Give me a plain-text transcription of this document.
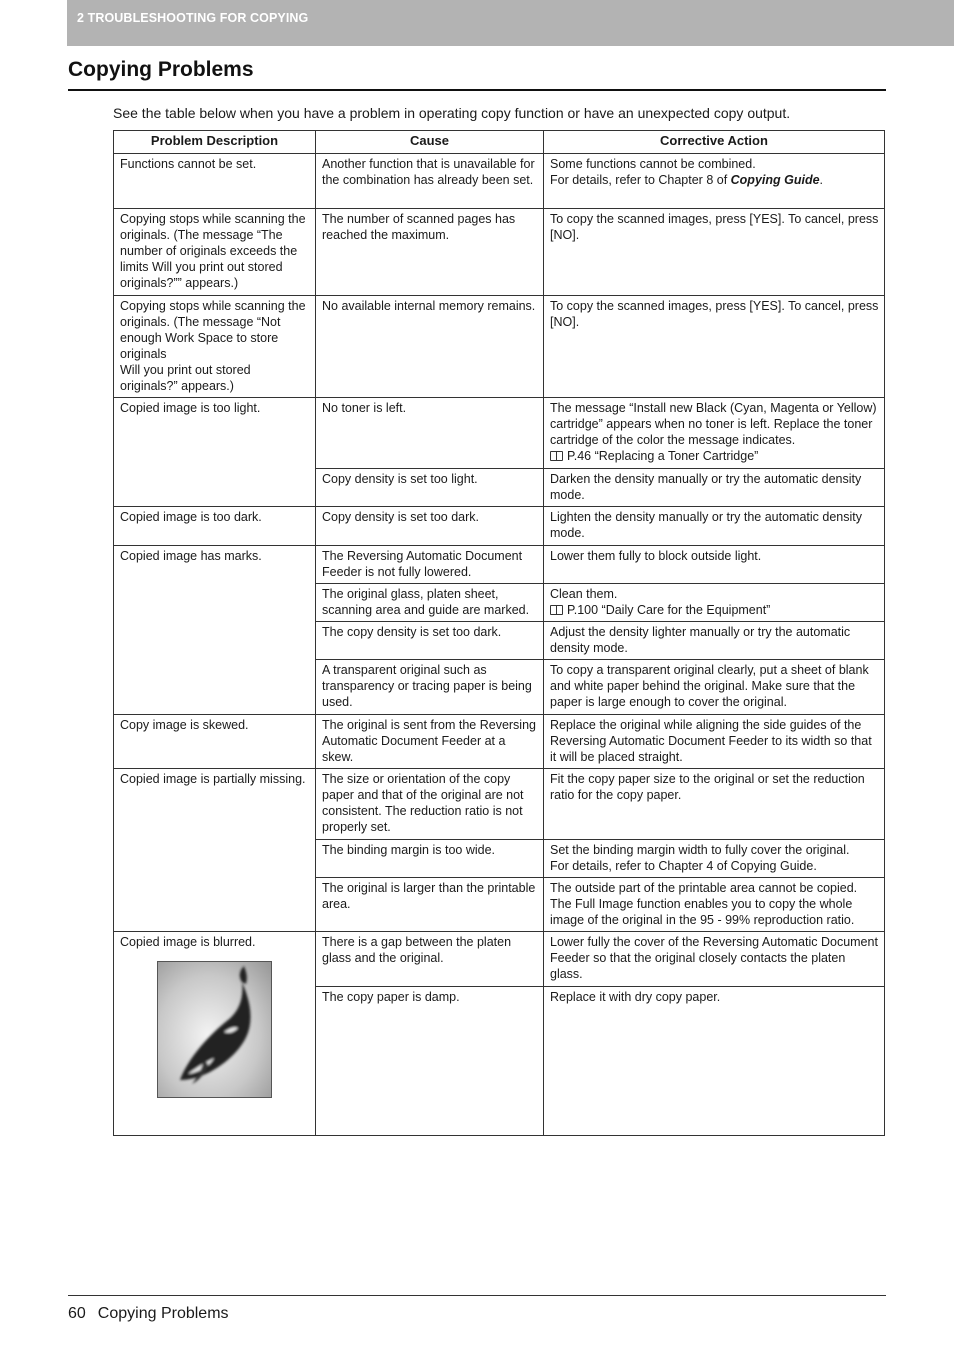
2 TROUBLESHOOTING FOR COPYING
Copying Problems
See the table below when you have a problem in operating copy function or have an unexpected copy output.
Problem Description	Cause	Corrective Action
Functions cannot be set.	Another function that is unavailable for the combination has already been set.	Some functions cannot be combined.
For details, refer to Chapter 8 of Copying Guide.

Copying stops while scanning the originals. (The message “The number of originals exceeds the limits Will you print out stored originals?”” appears.)	The number of scanned pages has reached the maximum.	To copy the scanned images, press [YES]. To cancel, press [NO].

Copying stops while scanning the originals. (The message “Not enough Work Space to store originals
Will you print out stored originals?” appears.)	No available internal memory remains.	To copy the scanned images, press [YES]. To cancel, press [NO].
Copied image is too light.	No toner is left.	The message “Install new Black (Cyan, Magenta or Yellow) cartridge” appears when no toner is left. Replace the toner cartridge of the color the message indicates.
P.46 “Replacing a Toner Cartridge”

	Copy density is set too light.	Darken the density manually or try the automatic density mode.
Copied image is too dark.	Copy density is set too dark.	Lighten the density manually or try the automatic density mode.
Copied image has marks.	The Reversing Automatic Document Feeder is not fully lowered.	Lower them fully to block outside light.
	The original glass, platen sheet, scanning area and guide are marked.	Clean them.
P.100 “Daily Care for the Equipment”

	The copy density is set too dark.	Adjust the density lighter manually or try the automatic density mode.
	A transparent original such as transparency or tracing paper is being used.	To copy a transparent original clearly, put a sheet of blank and white paper behind the original. Make sure that the paper is large enough to cover the original.
Copy image is skewed.	The original is sent from the Reversing Automatic Document Feeder at a skew.	Replace the original while aligning the side guides of the Reversing Automatic Document Feeder to its width so that it will be placed straight.
Copied image is partially missing.	The size or orientation of the copy paper and that of the original are not consistent. The reduction ratio is not properly set.	Fit the copy paper size to the original or set the reduction ratio for the copy paper.
	The binding margin is too wide.	Set the binding margin width to fully cover the original.
For details, refer to Chapter 4 of Copying Guide.

	The original is larger than the printable area.	The outside part of the printable area cannot be copied. The Full Image function enables you to copy the whole image of the original in the 95 - 99% reproduction ratio.

Copied image is blurred.	There is a gap between the platen glass and the original.	Lower fully the cover of the Reversing Automatic Document Feeder so that the original closely contacts the platen glass.
	The copy paper is damp.	Replace it with dry copy paper.
60 Copying Problems
